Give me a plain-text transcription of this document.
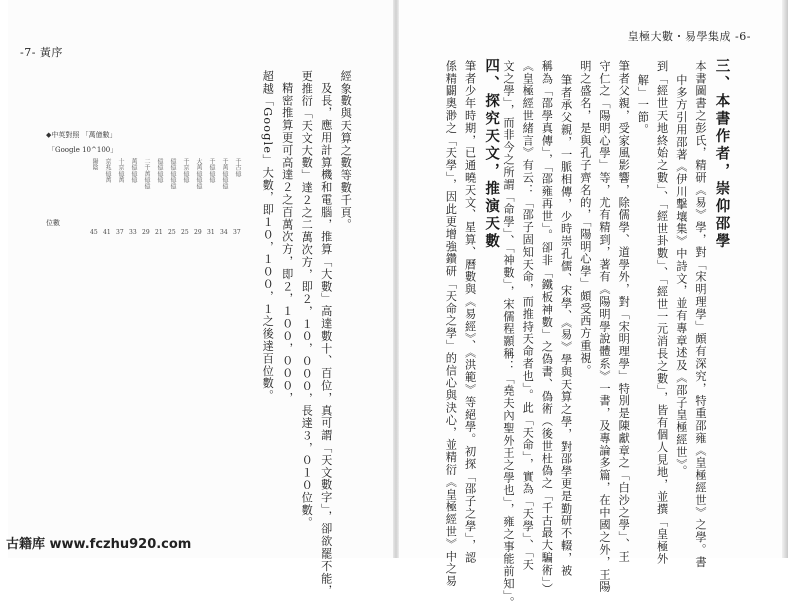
-7- 黃序
皇極大數・易學集成 -6-
三、本書作者，崇仰邵學
本書圖書之彭氏，精研《易》學，對「宋明理學」頗有深究，特重邵雍《皇極經世》之學。書
中多方引用邵著《伊川擊壤集》中詩文，並有專章述及《邵子皇極經世》。
到「經世天地終始之數」、「經世卦數」、「經世一元消長之數」，皆有個人見地，並撰「皇極外
解」一節。
筆者父親，受家風影響，除儒學、道學外，對「宋明理學」特別是陳獻章之「白沙之學」、王
守仁之「陽明心學」等，尤有精到，著有《陽明學說體系》一書，及專論多篇，在中國之外，王陽
明之盛名，是與孔子齊名的，「陽明心學」頗受西方重視。
筆者承父親，一脈相傳，少時崇孔儒、宋學、《易》學與天算之學，對邵學更是勤研不輟，被
稱為「邵學真傳」，「邵雍再世」。卻非「鐵板神數」之偽書、偽術（後世杜偽之「千古最大騙術」）
《皇極經世緒言》有云：「邵子固知天命，而推持天命者也」。此「天命」，實為「天學」、「天
文之學」，而非今之所謂「命學」、「神數」，宋儒程顥稱：「堯夫內聖外王之學也」，雍之事能前知」。
四、探究天文，推演天數
筆者少年時期，已通曉天文、星算、曆數與《易經》、《洪範》等絕學。初探「邵子之學」，認
係精闢奧渺之「天學」，因此更增強鑽研「天命之學」的信心與決心，並精衍《皇極經世》中之易
經象數與天算之數等數千頁。
及長，應用計算機和電腦，推算「大數」高達數十、百位，真可謂「天文數字」，卻欲罷不能，
更推衍「天文大數」達２之二萬次方，即２，１０，０００，長達３，０１０位數。
精密推算更可高達２之百萬次方，即２，１００，０００，
超越「Google」大數，即１０，１００，１之後達百位數。
◆中英對照 「萬億數」
「Google 10^100」
位數
千古億
37
千萬億億億
34
千億億億
31
大萬億億億
29
千京億億
25
億億億億億
25
億億億億
21
二千萬億億
29
萬億億億
33
十京億萬
37
京兆億萬
41
陽陰
45
古籍库 www.fczhu920.com
